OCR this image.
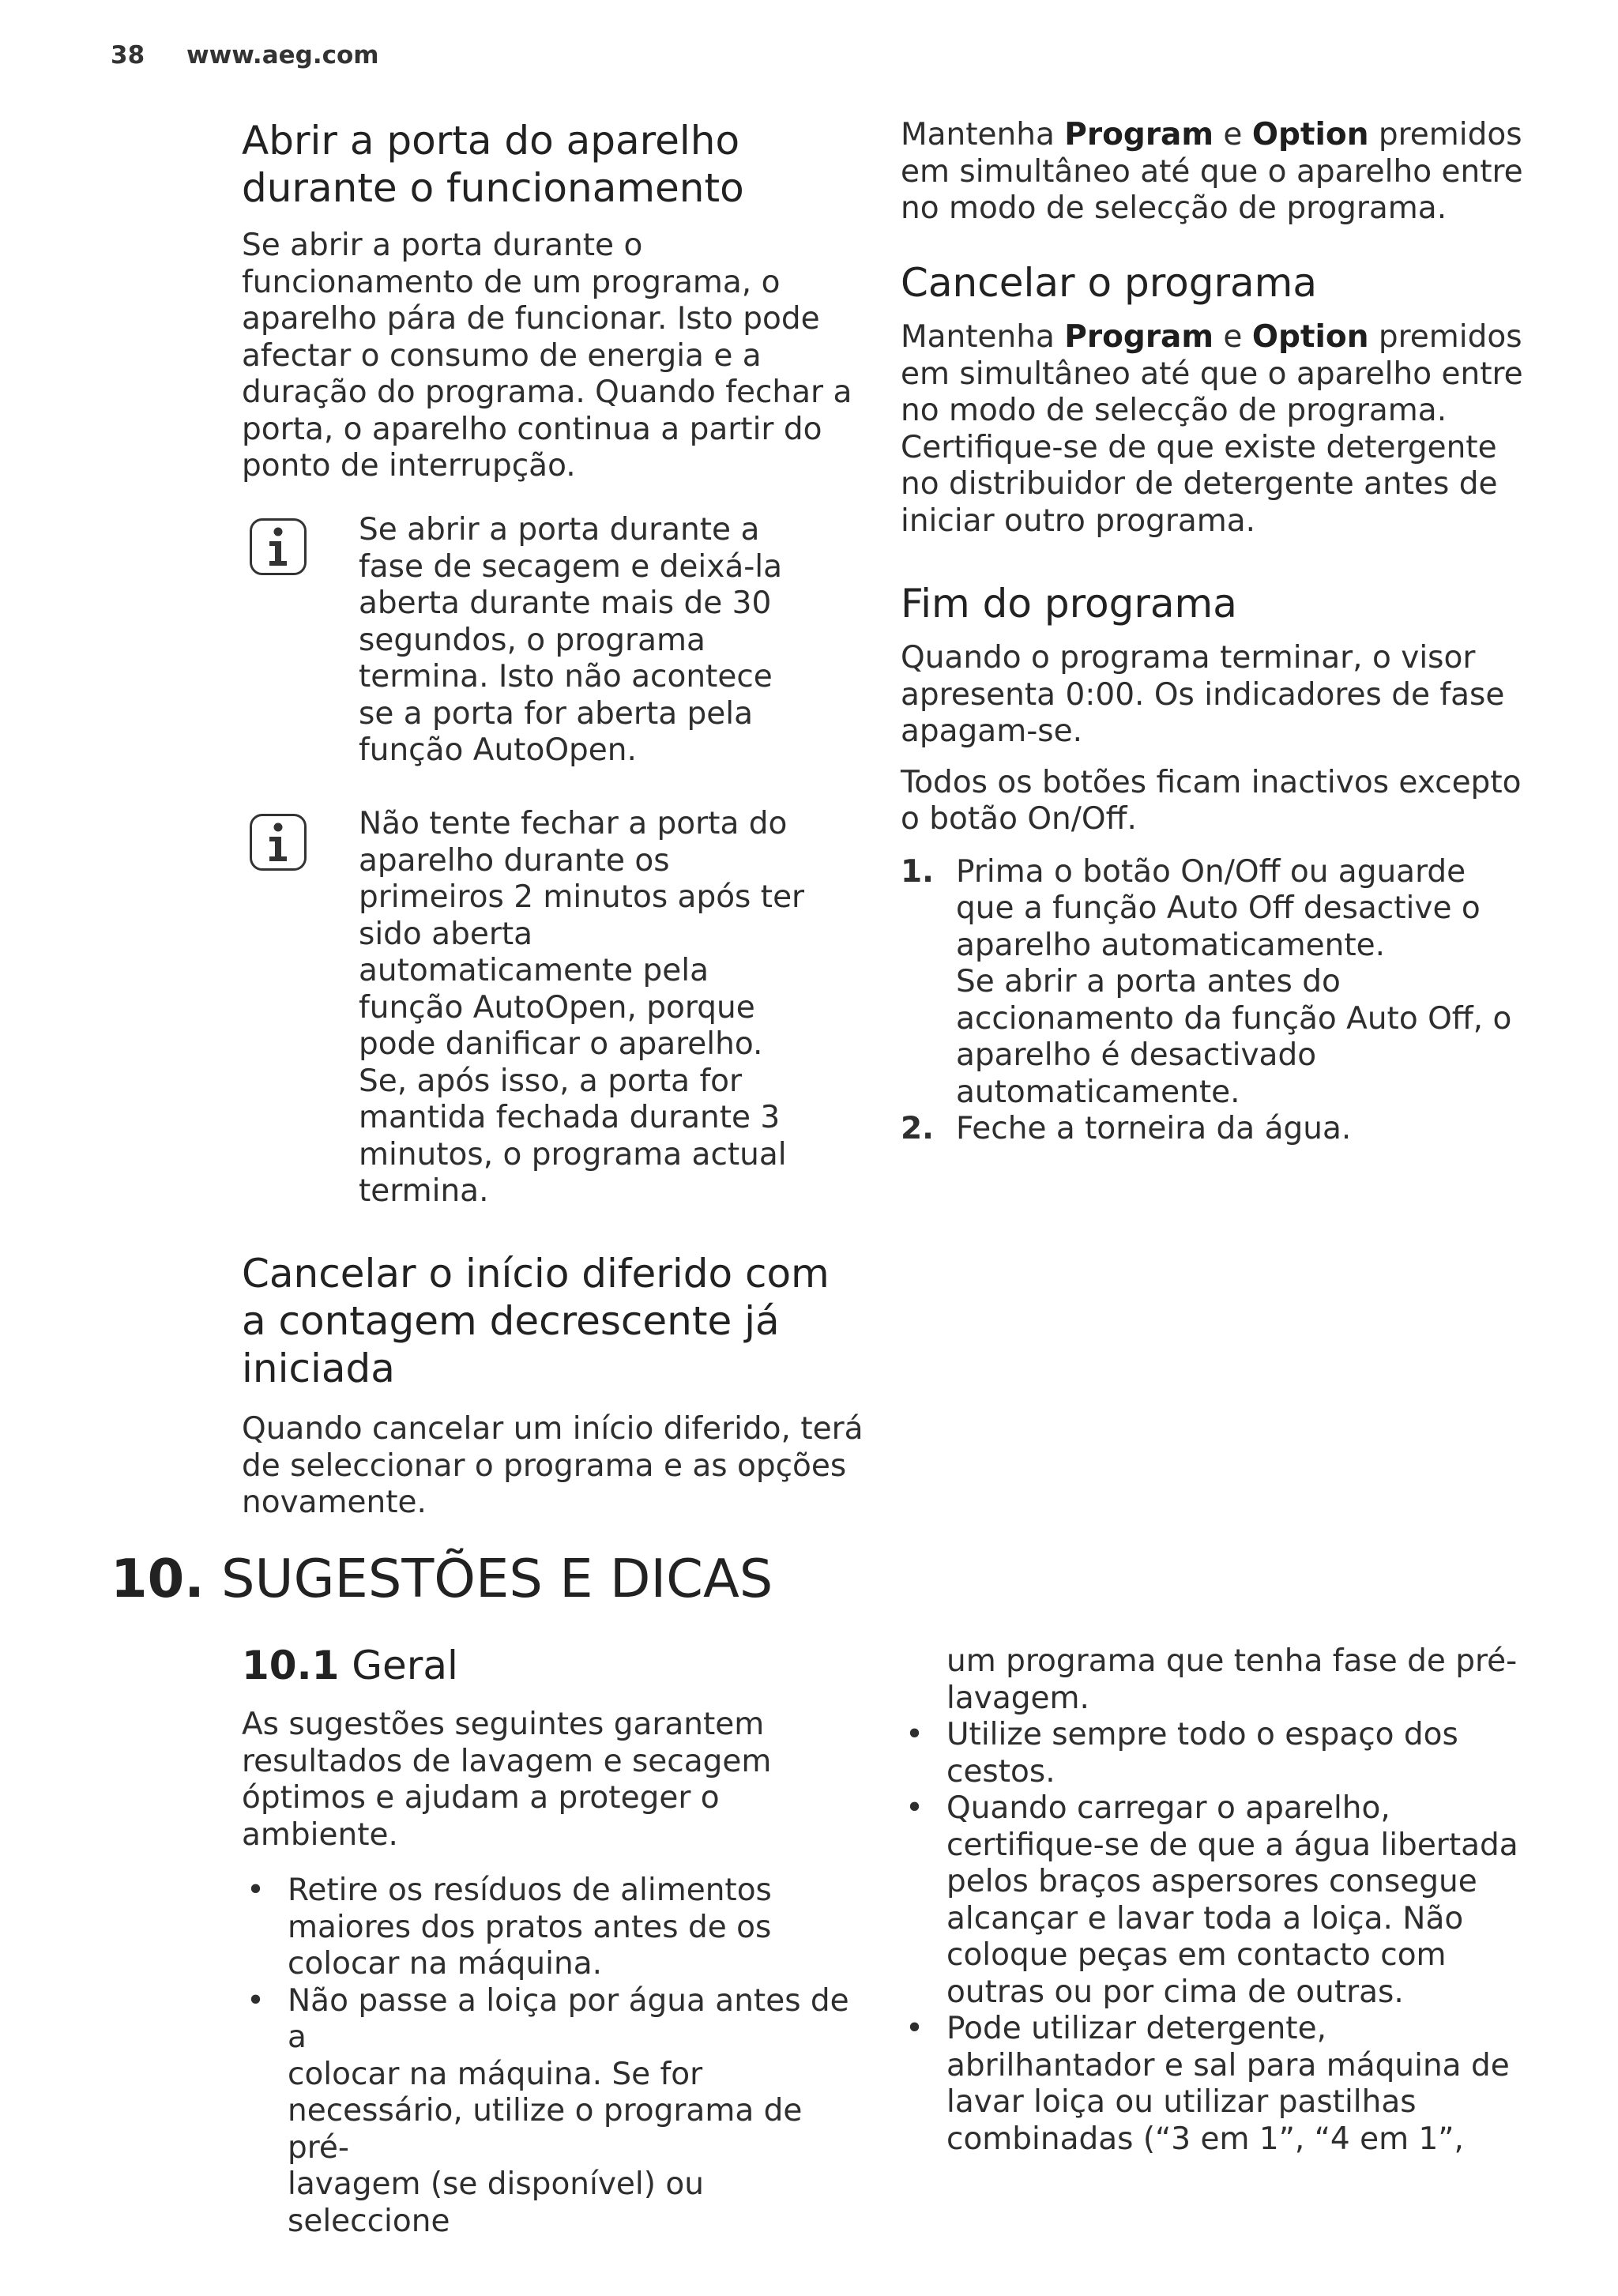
38 www.aeg.com
Abrir a porta do aparelho
durante o funcionamento

Se abrir a porta durante o
funcionamento de um programa, o
aparelho pára de funcionar. Isto pode
afectar o consumo de energia e a
duração do programa. Quando fechar a
porta, o aparelho continua a partir do
ponto de interrupção.

Se abrir a porta durante a
fase de secagem e deixá-la
aberta durante mais de 30
segundos, o programa
termina. Isto não acontece
se a porta for aberta pela
função AutoOpen.

Não tente fechar a porta do
aparelho durante os
primeiros 2 minutos após ter
sido aberta
automaticamente pela
função AutoOpen, porque
pode danificar o aparelho.
Se, após isso, a porta for
mantida fechada durante 3
minutos, o programa actual
termina.

Cancelar o início diferido com
a contagem decrescente já
iniciada

Quando cancelar um início diferido, terá
de seleccionar o programa e as opções
novamente.

Mantenha Program e Option premidos
em simultâneo até que o aparelho entre
no modo de selecção de programa.

Cancelar o programa

Mantenha Program e Option premidos
em simultâneo até que o aparelho entre
no modo de selecção de programa.
Certifique-se de que existe detergente
no distribuidor de detergente antes de
iniciar outro programa.

Fim do programa

Quando o programa terminar, o visor
apresenta 0:00. Os indicadores de fase
apagam-se.

Todos os botões ficam inactivos excepto
o botão On/Off.

1. Prima o botão On/Off ou aguarde
que a função Auto Off desactive o
aparelho automaticamente.
Se abrir a porta antes do
accionamento da função Auto Off, o
aparelho é desactivado
automaticamente.
2. Feche a torneira da água.
10. SUGESTÕES E DICAS
10.1 Geral

As sugestões seguintes garantem
resultados de lavagem e secagem
óptimos e ajudam a proteger o
ambiente.

• Retire os resíduos de alimentos
maiores dos pratos antes de os
colocar na máquina.
• Não passe a loiça por água antes de a
colocar na máquina. Se for
necessário, utilize o programa de pré-
lavagem (se disponível) ou seleccione
um programa que tenha fase de pré-
lavagem.
• Utilize sempre todo o espaço dos
cestos.
• Quando carregar o aparelho,
certifique-se de que a água libertada
pelos braços aspersores consegue
alcançar e lavar toda a loiça. Não
coloque peças em contacto com
outras ou por cima de outras.
• Pode utilizar detergente,
abrilhantador e sal para máquina de
lavar loiça ou utilizar pastilhas
combinadas (“3 em 1”, “4 em 1”,
